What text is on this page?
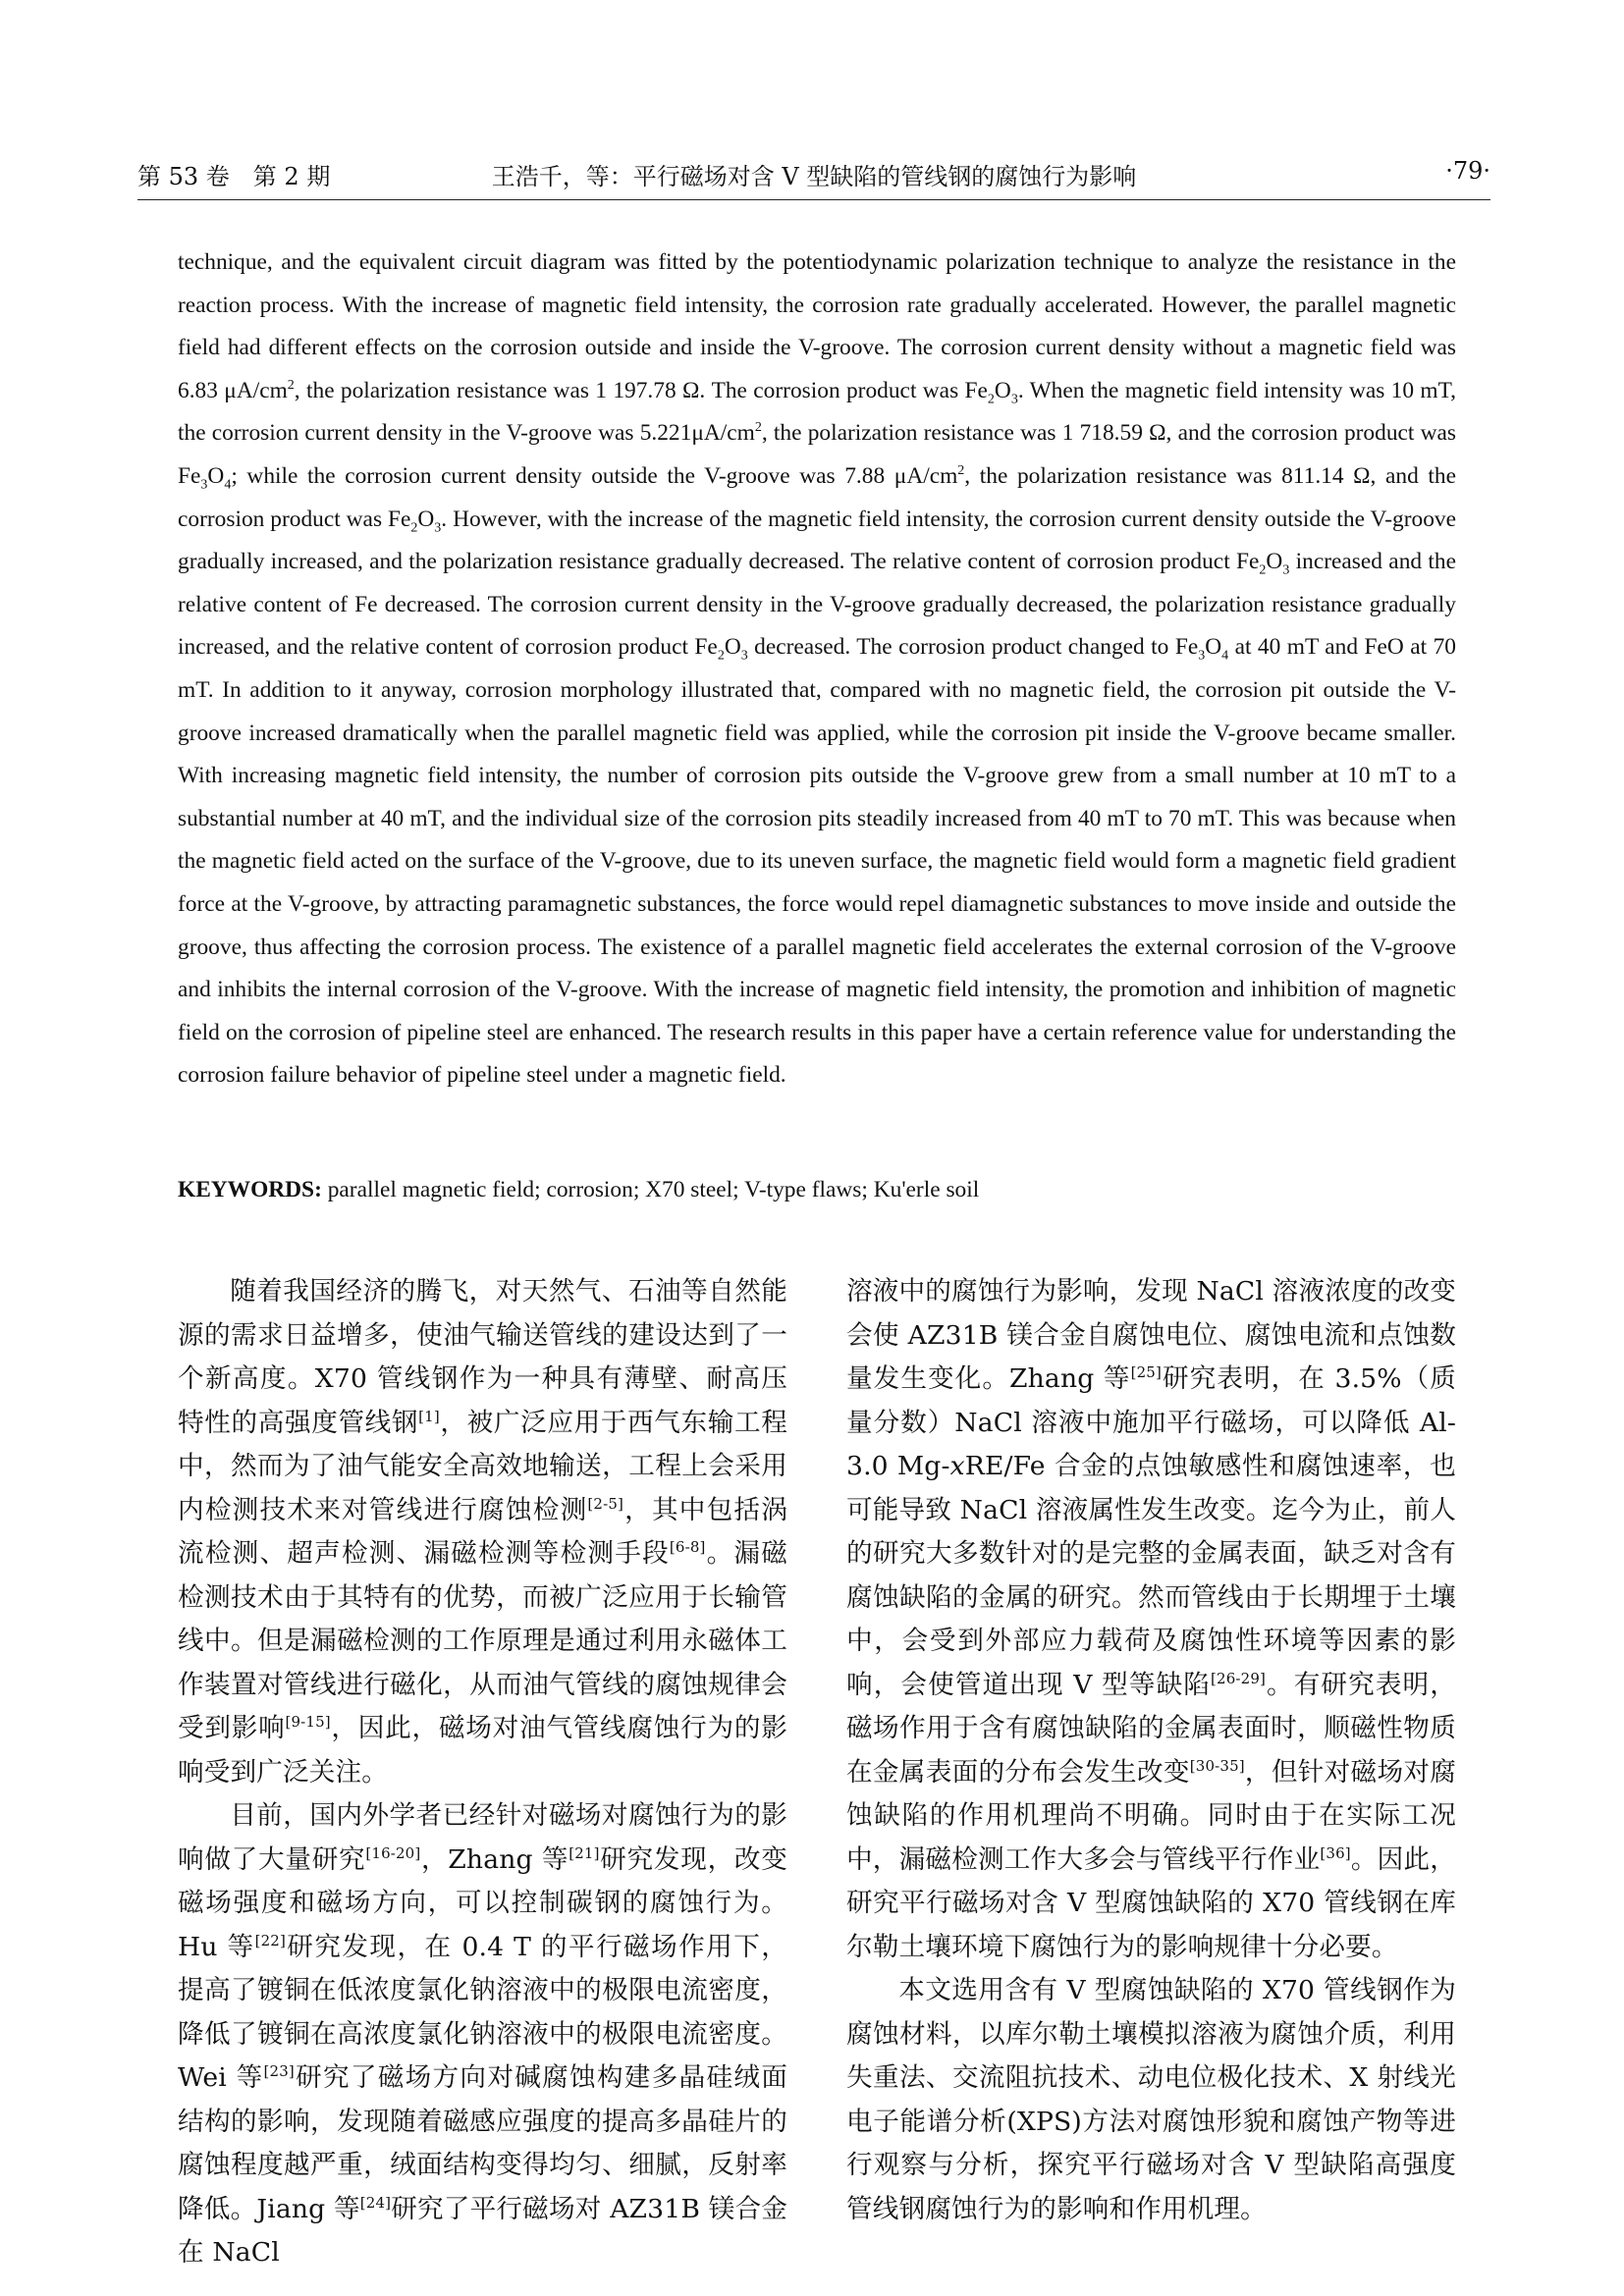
第 53 卷　第 2 期	王浩千，等：平行磁场对含 V 型缺陷的管线钢的腐蚀行为影响	·79·

technique, and the equivalent circuit diagram was fitted by the potentiodynamic polarization technique to analyze the resistance in the reaction process. With the increase of magnetic field intensity, the corrosion rate gradually accelerated. However, the parallel magnetic field had different effects on the corrosion outside and inside the V-groove. The corrosion current density without a magnetic field was 6.83 $\mu A/cm^2$, the polarization resistance was 1 197.78 Ω. The corrosion product was $Fe_2O_3$. When the magnetic field intensity was 10 mT, the corrosion current density in the V-groove was $5.221\mu A/cm^2$, the polarization resistance was 1 718.59 Ω, and the corrosion product was $Fe_3O_4$; while the corrosion current density outside the V-groove was 7.88 $\mu A/cm^2$, the polarization resistance was 811.14 Ω, and the corrosion product was $Fe_2O_3$. However, with the increase of the magnetic field intensity, the corrosion current density outside the V-groove gradually increased, and the polarization resistance gradually decreased. The relative content of corrosion product $Fe_2O_3$ increased and the relative content of Fe decreased. The corrosion current density in the V-groove gradually decreased, the polarization resistance gradually increased, and the relative content of corrosion product $Fe_2O_3$ decreased. The corrosion product changed to $Fe_3O_4$ at 40 mT and FeO at 70 mT. In addition to it anyway, corrosion morphology illustrated that, compared with no magnetic field, the corrosion pit outside the V-groove increased dramatically when the parallel magnetic field was applied, while the corrosion pit inside the V-groove became smaller. With increasing magnetic field intensity, the number of corrosion pits outside the V-groove grew from a small number at 10 mT to a substantial number at 40 mT, and the individual size of the corrosion pits steadily increased from 40 mT to 70 mT. This was because when the magnetic field acted on the surface of the V-groove, due to its uneven surface, the magnetic field would form a magnetic field gradient force at the V-groove, by attracting paramagnetic substances, the force would repel diamagnetic substances to move inside and outside the groove, thus affecting the corrosion process. The existence of a parallel magnetic field accelerates the external corrosion of the V-groove and inhibits the internal corrosion of the V-groove. With the increase of magnetic field intensity, the promotion and inhibition of magnetic field on the corrosion of pipeline steel are enhanced. The research results in this paper have a certain reference value for understanding the corrosion failure behavior of pipeline steel under a magnetic field.

KEYWORDS: parallel magnetic field; corrosion; X70 steel; V-type flaws; Ku'erle soil

随着我国经济的腾飞，对天然气、石油等自然能源的需求日益增多，使油气输送管线的建设达到了一个新高度。X70 管线钢作为一种具有薄壁、耐高压特性的高强度管线钢[1]，被广泛应用于西气东输工程中，然而为了油气能安全高效地输送，工程上会采用内检测技术来对管线进行腐蚀检测[2-5]，其中包括涡流检测、超声检测、漏磁检测等检测手段[6-8]。漏磁检测技术由于其特有的优势，而被广泛应用于长输管线中。但是漏磁检测的工作原理是通过利用永磁体工作装置对管线进行磁化，从而油气管线的腐蚀规律会受到影响[9-15]，因此，磁场对油气管线腐蚀行为的影响受到广泛关注。

目前，国内外学者已经针对磁场对腐蚀行为的影响做了大量研究[16-20]，Zhang 等[21]研究发现，改变磁场强度和磁场方向，可以控制碳钢的腐蚀行为。Hu 等[22]研究发现，在 0.4 T 的平行磁场作用下，提高了镀铜在低浓度氯化钠溶液中的极限电流密度，降低了镀铜在高浓度氯化钠溶液中的极限电流密度。Wei 等[23]研究了磁场方向对碱腐蚀构建多晶硅绒面结构的影响，发现随着磁感应强度的提高多晶硅片的腐蚀程度越严重，绒面结构变得均匀、细腻，反射率降低。Jiang 等[24]研究了平行磁场对 AZ31B 镁合金在 NaCl

溶液中的腐蚀行为影响，发现 NaCl 溶液浓度的改变会使 AZ31B 镁合金自腐蚀电位、腐蚀电流和点蚀数量发生变化。Zhang 等[25]研究表明，在 3.5%（质量分数）NaCl 溶液中施加平行磁场，可以降低 Al-3.0 Mg-xRE/Fe 合金的点蚀敏感性和腐蚀速率，也可能导致 NaCl 溶液属性发生改变。迄今为止，前人的研究大多数针对的是完整的金属表面，缺乏对含有腐蚀缺陷的金属的研究。然而管线由于长期埋于土壤中，会受到外部应力载荷及腐蚀性环境等因素的影响，会使管道出现 V 型等缺陷[26-29]。有研究表明，磁场作用于含有腐蚀缺陷的金属表面时，顺磁性物质在金属表面的分布会发生改变[30-35]，但针对磁场对腐蚀缺陷的作用机理尚不明确。同时由于在实际工况中，漏磁检测工作大多会与管线平行作业[36]。因此，研究平行磁场对含 V 型腐蚀缺陷的 X70 管线钢在库尔勒土壤环境下腐蚀行为的影响规律十分必要。

本文选用含有 V 型腐蚀缺陷的 X70 管线钢作为腐蚀材料，以库尔勒土壤模拟溶液为腐蚀介质，利用失重法、交流阻抗技术、动电位极化技术、X 射线光电子能谱分析(XPS)方法对腐蚀形貌和腐蚀产物等进行观察与分析，探究平行磁场对含 V 型缺陷高强度管线钢腐蚀行为的影响和作用机理。
